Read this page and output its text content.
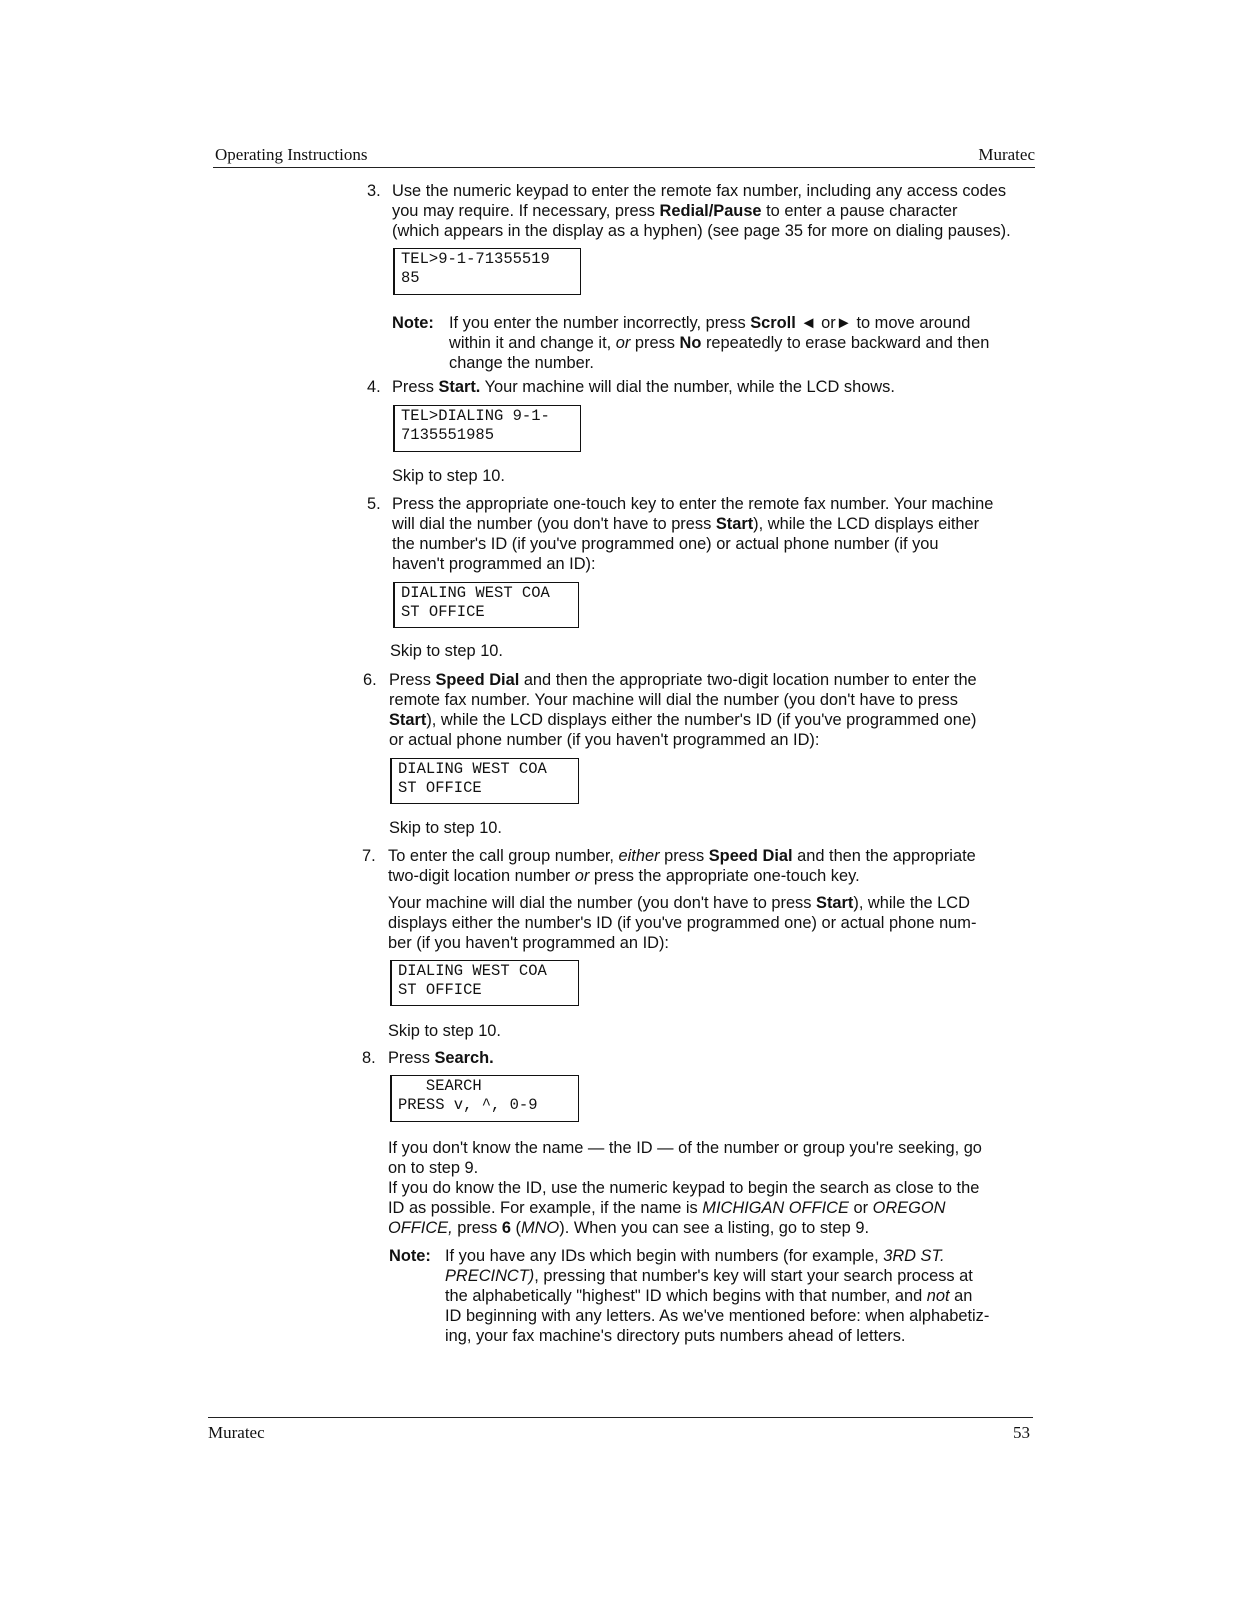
Operating Instructions	Muratec
3. Use the numeric keypad to enter the remote fax number, including any access codes
you may require. If necessary, press Redial/Pause to enter a pause character
(which appears in the display as a hyphen) (see page 35 for more on dialing pauses).
TEL>9-1-71355519
85
Note: If you enter the number incorrectly, press Scroll ◄ or► to move around
within it and change it, or press No repeatedly to erase backward and then
change the number.
4. Press Start. Your machine will dial the number, while the LCD shows.
TEL>DIALING 9-1-
7135551985
Skip to step 10.
5. Press the appropriate one-touch key to enter the remote fax number. Your machine
will dial the number (you don't have to press Start), while the LCD displays either
the number's ID (if you've programmed one) or actual phone number (if you
haven't programmed an ID):
DIALING WEST COA
ST OFFICE
Skip to step 10.
6. Press Speed Dial and then the appropriate two-digit location number to enter the
remote fax number. Your machine will dial the number (you don't have to press
Start), while the LCD displays either the number's ID (if you've programmed one)
or actual phone number (if you haven't programmed an ID):
DIALING WEST COA
ST OFFICE
Skip to step 10.
7. To enter the call group number, either press Speed Dial and then the appropriate
two-digit location number or press the appropriate one-touch key.
Your machine will dial the number (you don't have to press Start), while the LCD
displays either the number's ID (if you've programmed one) or actual phone num-
ber (if you haven't programmed an ID):
DIALING WEST COA
ST OFFICE
Skip to step 10.
8. Press Search.
SEARCH
PRESS v, ^, 0-9
If you don't know the name — the ID — of the number or group you're seeking, go
on to step 9.
If you do know the ID, use the numeric keypad to begin the search as close to the
ID as possible. For example, if the name is MICHIGAN OFFICE or OREGON
OFFICE, press 6 (MNO). When you can see a listing, go to step 9.
Note: If you have any IDs which begin with numbers (for example, 3RD ST.
PRECINCT), pressing that number's key will start your search process at
the alphabetically "highest" ID which begins with that number, and not an
ID beginning with any letters. As we've mentioned before: when alphabetiz-
ing, your fax machine's directory puts numbers ahead of letters.
Muratec	53
